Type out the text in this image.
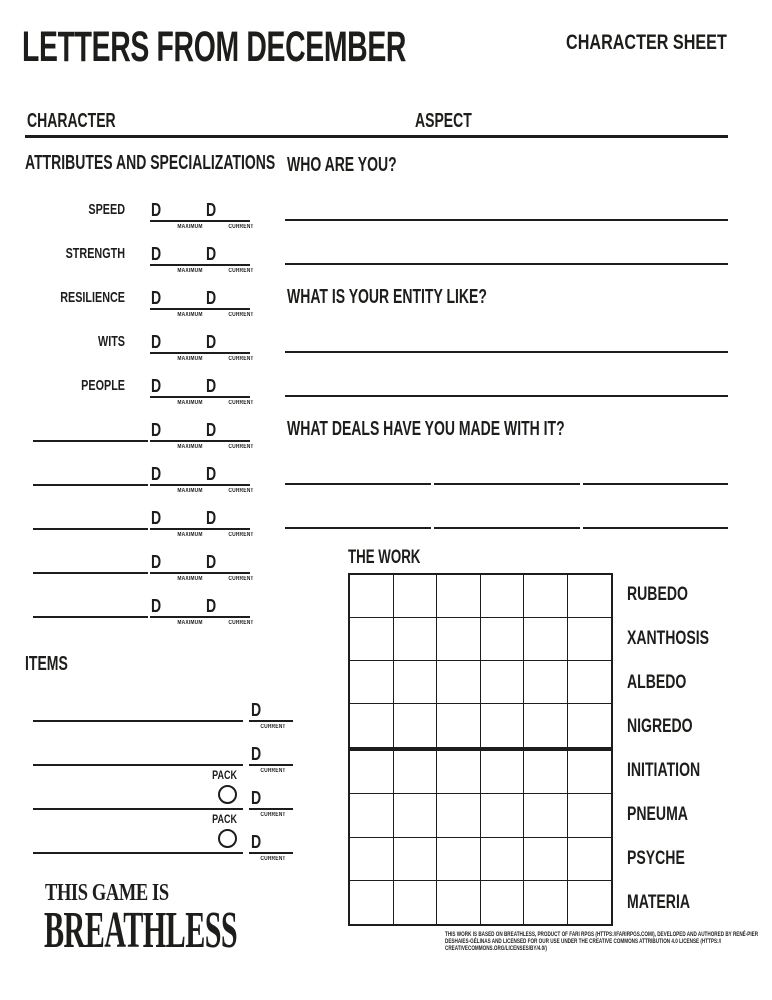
LETTERS FROM DECEMBER	CHARACTER SHEET
CHARACTER	ASPECT
ATTRIBUTES AND SPECIALIZATIONS
SPEED D D
MAXIMUM	CURRENT
STRENGTH D D
MAXIMUM	CURRENT
RESILIENCE D D
MAXIMUM	CURRENT
WITS D D
MAXIMUM	CURRENT
PEOPLE D D
MAXIMUM	CURRENT
D D
MAXIMUM	CURRENT
D D
MAXIMUM	CURRENT
D D
MAXIMUM	CURRENT
D D
MAXIMUM	CURRENT
D D
MAXIMUM	CURRENT
WHO ARE YOU?
WHAT IS YOUR ENTITY LIKE?
WHAT DEALS HAVE YOU MADE WITH IT?
THE WORK
RUBEDO
XANTHOSIS
ALBEDO
NIGREDO
INITIATION
PNEUMA
PSYCHE
MATERIA
ITEMS
D
CURRENT
D
CURRENT
PACK
D
CURRENT
PACK
D
CURRENT
THIS GAME IS
BREATHLESS	THIS WORK IS BASED ON BREATHLESS, PRODUCT OF FARI RPGS (HTTPS://FARIRPGS.COM/), DEVELOPED AND AUTHORED BY RENÉ-PIER
DESHAIES-GÉLINAS AND LICENSED FOR OUR USE UNDER THE CREATIVE COMMONS ATTRIBUTION 4.0 LICENSE (HTTPS://
CREATIVECOMMONS.ORG/LICENSES/BY/4.0/)
